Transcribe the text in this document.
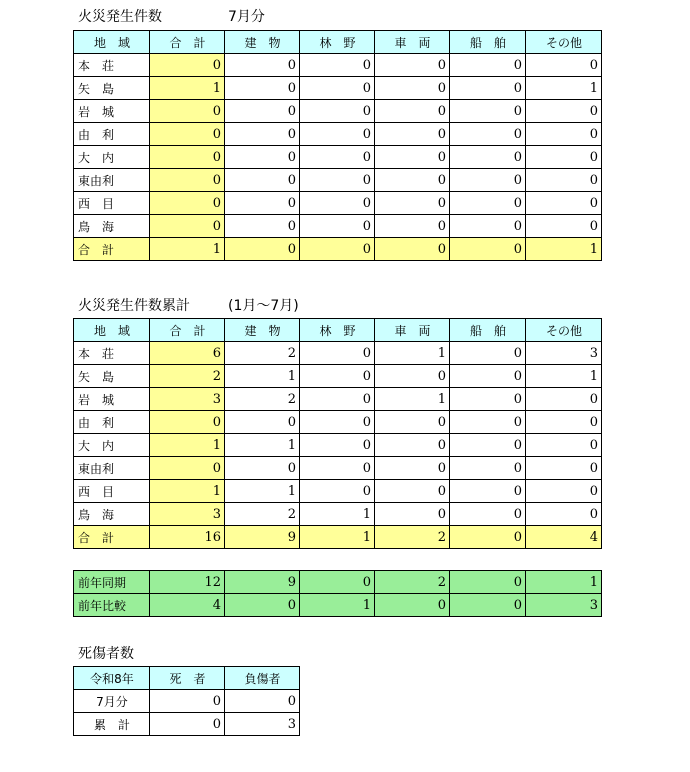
火災発生件数	7月分
地　域	合　計	建　物	林　野	車　両	船　舶	その他
本　荘	0	0	0	0	0	0
矢　島	1	0	0	0	0	1
岩　城	0	0	0	0	0	0
由　利	0	0	0	0	0	0
大　内	0	0	0	0	0	0
東由利	0	0	0	0	0	0
西　目	0	0	0	0	0	0
鳥　海	0	0	0	0	0	0
合　計	1	0	0	0	0	1
火災発生件数累計	(1月～7月)
地　域	合　計	建　物	林　野	車　両	船　舶	その他
本　荘	6	2	0	1	0	3
矢　島	2	1	0	0	0	1
岩　城	3	2	0	1	0	0
由　利	0	0	0	0	0	0
大　内	1	1	0	0	0	0
東由利	0	0	0	0	0	0
西　目	1	1	0	0	0	0
鳥　海	3	2	1	0	0	0
合　計	16	9	1	2	0	4
前年同期	12	9	0	2	0	1
前年比較	4	0	1	0	0	3
死傷者数
令和8年	死　者	負傷者
7月分	0	0
累　計	0	3
